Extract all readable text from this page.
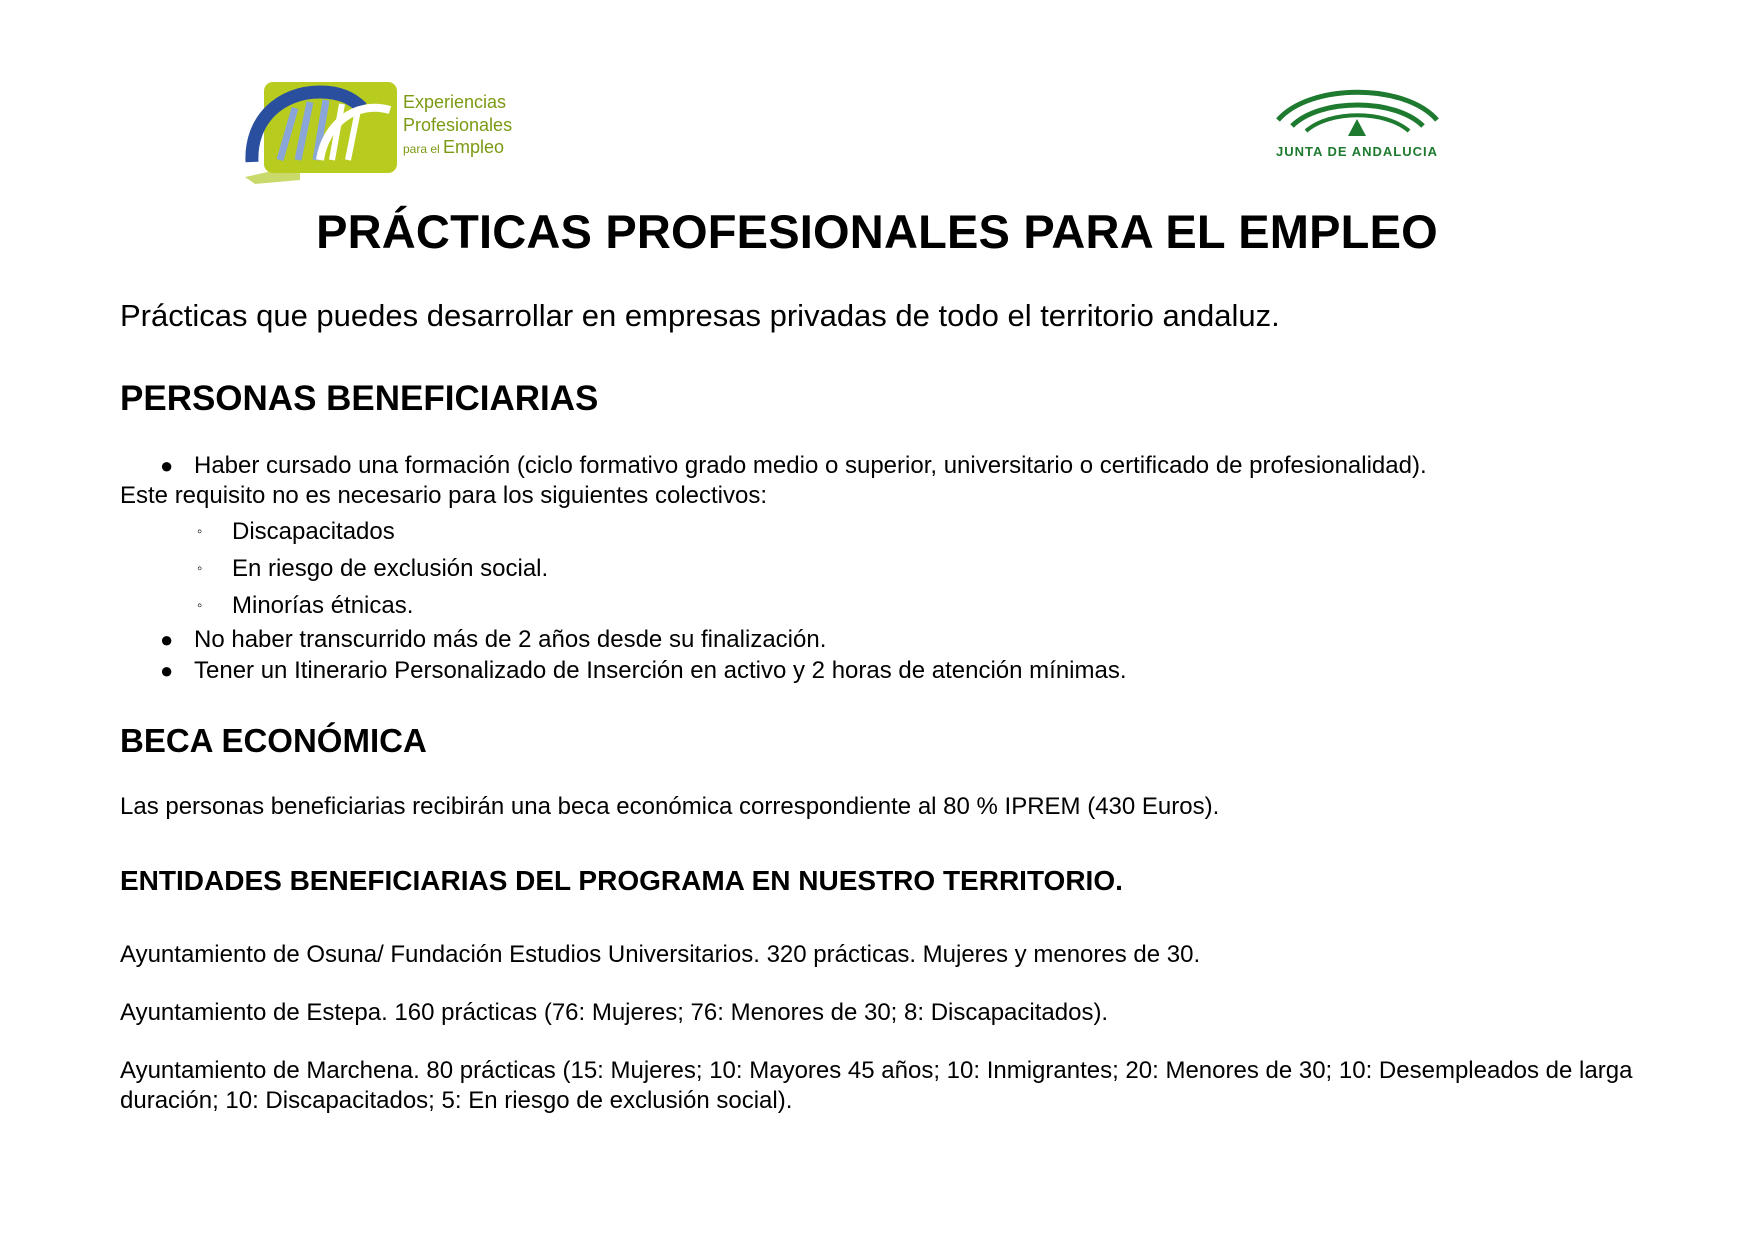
Experiencias
Profesionales
para el Empleo	JUNTA DE ANDALUCIA
PRÁCTICAS PROFESIONALES PARA EL EMPLEO

Prácticas que puedes desarrollar en empresas privadas de todo el territorio andaluz.

PERSONAS BENEFICIARIAS
● Haber cursado una formación (ciclo formativo grado medio o superior, universitario o certificado de profesionalidad).

Este requisito no es necesario para los siguientes colectivos:

◦ Discapacitados
◦ En riesgo de exclusión social.
◦ Minorías étnicas.
● No haber transcurrido más de 2 años desde su finalización.
● Tener un Itinerario Personalizado de Inserción en activo y 2 horas de atención mínimas.
BECA ECONÓMICA

Las personas beneficiarias recibirán una beca económica correspondiente al 80 % IPREM (430 Euros).

ENTIDADES BENEFICIARIAS DEL PROGRAMA EN NUESTRO TERRITORIO.

Ayuntamiento de Osuna/ Fundación Estudios Universitarios. 320 prácticas. Mujeres y menores de 30.

Ayuntamiento de Estepa. 160 prácticas (76: Mujeres; 76: Menores de 30; 8: Discapacitados).

Ayuntamiento de Marchena. 80 prácticas (15: Mujeres; 10: Mayores 45 años; 10: Inmigrantes; 20: Menores de 30; 10: Desempleados de larga duración; 10: Discapacitados; 5: En riesgo de exclusión social).
